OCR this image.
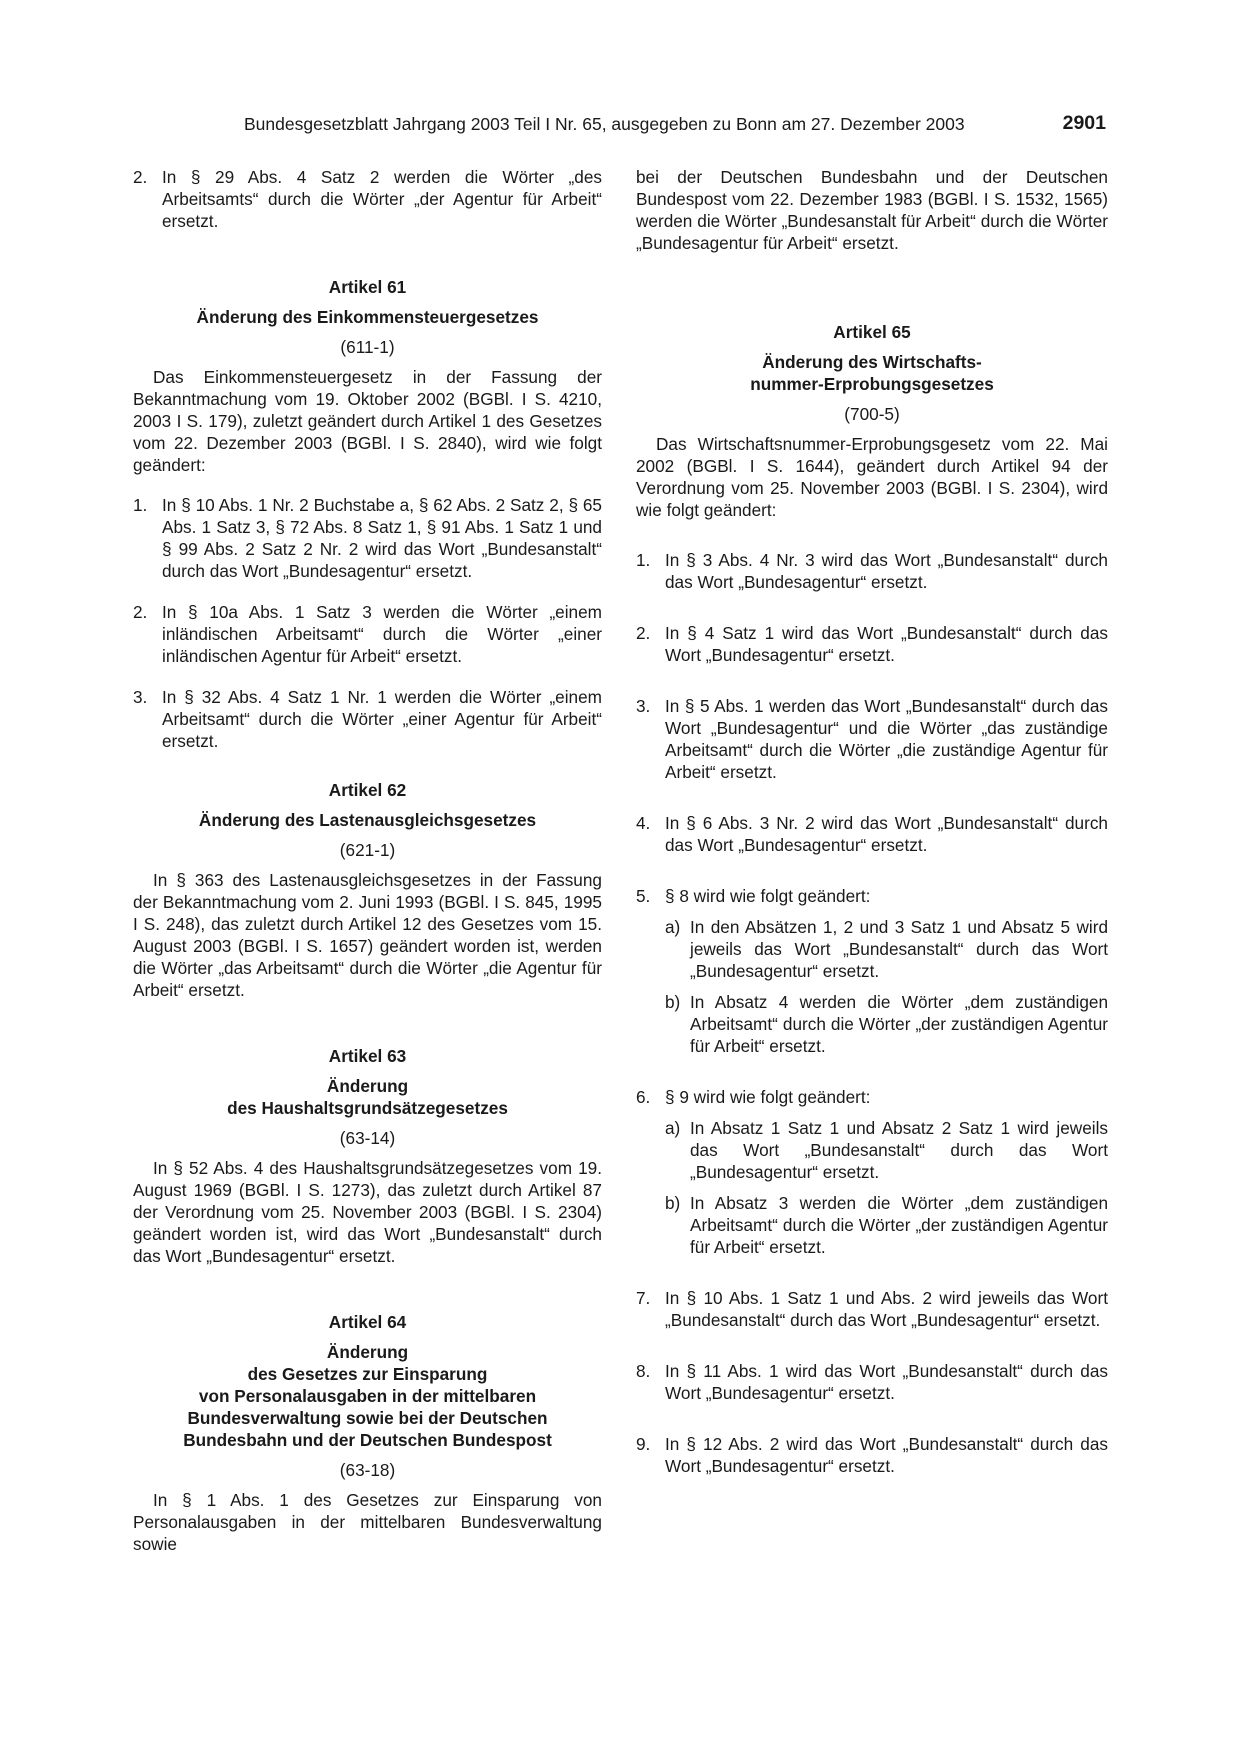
Bundesgesetzblatt Jahrgang 2003 Teil I Nr. 65, ausgegeben zu Bonn am 27. Dezember 2003	2901
2. In § 29 Abs. 4 Satz 2 werden die Wörter „des Arbeitsamts“ durch die Wörter „der Agentur für Arbeit“ ersetzt.
Artikel 61
Änderung des Einkommensteuergesetzes
(611-1)
Das Einkommensteuergesetz in der Fassung der Bekanntmachung vom 19. Oktober 2002 (BGBl. I S. 4210, 2003 I S. 179), zuletzt geändert durch Artikel 1 des Gesetzes vom 22. Dezember 2003 (BGBl. I S. 2840), wird wie folgt geändert:
1. In § 10 Abs. 1 Nr. 2 Buchstabe a, § 62 Abs. 2 Satz 2, § 65 Abs. 1 Satz 3, § 72 Abs. 8 Satz 1, § 91 Abs. 1 Satz 1 und § 99 Abs. 2 Satz 2 Nr. 2 wird das Wort „Bundesanstalt“ durch das Wort „Bundesagentur“ ersetzt.
2. In § 10a Abs. 1 Satz 3 werden die Wörter „einem inländischen Arbeitsamt“ durch die Wörter „einer inländischen Agentur für Arbeit“ ersetzt.
3. In § 32 Abs. 4 Satz 1 Nr. 1 werden die Wörter „einem Arbeitsamt“ durch die Wörter „einer Agentur für Arbeit“ ersetzt.
Artikel 62
Änderung des Lastenausgleichsgesetzes
(621-1)
In § 363 des Lastenausgleichsgesetzes in der Fassung der Bekanntmachung vom 2. Juni 1993 (BGBl. I S. 845, 1995 I S. 248), das zuletzt durch Artikel 12 des Gesetzes vom 15. August 2003 (BGBl. I S. 1657) geändert worden ist, werden die Wörter „das Arbeitsamt“ durch die Wörter „die Agentur für Arbeit“ ersetzt.
Artikel 63
Änderung
des Haushaltsgrundsätzegesetzes
(63-14)
In § 52 Abs. 4 des Haushaltsgrundsätzegesetzes vom 19. August 1969 (BGBl. I S. 1273), das zuletzt durch Artikel 87 der Verordnung vom 25. November 2003 (BGBl. I S. 2304) geändert worden ist, wird das Wort „Bundesanstalt“ durch das Wort „Bundesagentur“ ersetzt.
Artikel 64
Änderung
des Gesetzes zur Einsparung
von Personalausgaben in der mittelbaren
Bundesverwaltung sowie bei der Deutschen
Bundesbahn und der Deutschen Bundespost
(63-18)
In § 1 Abs. 1 des Gesetzes zur Einsparung von Personalausgaben in der mittelbaren Bundesverwaltung sowie
bei der Deutschen Bundesbahn und der Deutschen Bundespost vom 22. Dezember 1983 (BGBl. I S. 1532, 1565) werden die Wörter „Bundesanstalt für Arbeit“ durch die Wörter „Bundesagentur für Arbeit“ ersetzt.
Artikel 65
Änderung des Wirtschafts-
nummer-Erprobungsgesetzes
(700-5)
Das Wirtschaftsnummer-Erprobungsgesetz vom 22. Mai 2002 (BGBl. I S. 1644), geändert durch Artikel 94 der Verordnung vom 25. November 2003 (BGBl. I S. 2304), wird wie folgt geändert:
1. In § 3 Abs. 4 Nr. 3 wird das Wort „Bundesanstalt“ durch das Wort „Bundesagentur“ ersetzt.
2. In § 4 Satz 1 wird das Wort „Bundesanstalt“ durch das Wort „Bundesagentur“ ersetzt.
3. In § 5 Abs. 1 werden das Wort „Bundesanstalt“ durch das Wort „Bundesagentur“ und die Wörter „das zuständige Arbeitsamt“ durch die Wörter „die zuständige Agentur für Arbeit“ ersetzt.
4. In § 6 Abs. 3 Nr. 2 wird das Wort „Bundesanstalt“ durch das Wort „Bundesagentur“ ersetzt.
5. § 8 wird wie folgt geändert:
a) In den Absätzen 1, 2 und 3 Satz 1 und Absatz 5 wird jeweils das Wort „Bundesanstalt“ durch das Wort „Bundesagentur“ ersetzt.
b) In Absatz 4 werden die Wörter „dem zuständigen Arbeitsamt“ durch die Wörter „der zuständigen Agentur für Arbeit“ ersetzt.
6. § 9 wird wie folgt geändert:
a) In Absatz 1 Satz 1 und Absatz 2 Satz 1 wird jeweils das Wort „Bundesanstalt“ durch das Wort „Bundesagentur“ ersetzt.
b) In Absatz 3 werden die Wörter „dem zuständigen Arbeitsamt“ durch die Wörter „der zuständigen Agentur für Arbeit“ ersetzt.
7. In § 10 Abs. 1 Satz 1 und Abs. 2 wird jeweils das Wort „Bundesanstalt“ durch das Wort „Bundesagentur“ ersetzt.
8. In § 11 Abs. 1 wird das Wort „Bundesanstalt“ durch das Wort „Bundesagentur“ ersetzt.
9. In § 12 Abs. 2 wird das Wort „Bundesanstalt“ durch das Wort „Bundesagentur“ ersetzt.
